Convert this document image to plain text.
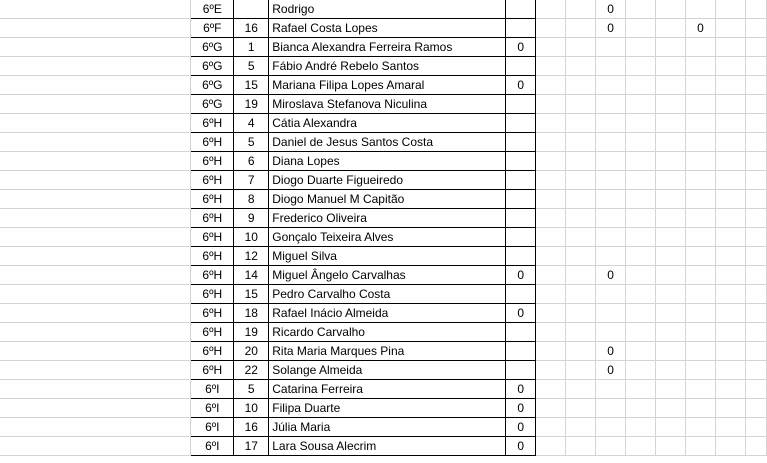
	6ºE		Rodrigo				0					
	6ºF	16	Rafael Costa Lopes				0			0		
	6ºG	1	Bianca Alexandra Ferreira Ramos	0								
	6ºG	5	Fábio André Rebelo Santos									
	6ºG	15	Mariana Filipa Lopes Amaral	0								
	6ºG	19	Miroslava Stefanova Niculina									
	6ºH	4	Cátia Alexandra									
	6ºH	5	Daniel de Jesus Santos Costa									
	6ºH	6	Diana Lopes									
	6ºH	7	Diogo Duarte Figueiredo									
	6ºH	8	Diogo Manuel M Capitão									
	6ºH	9	Frederico Oliveira									
	6ºH	10	Gonçalo Teixeira Alves									
	6ºH	12	Miguel Silva									
	6ºH	14	Miguel Ângelo Carvalhas	0			0					
	6ºH	15	Pedro Carvalho Costa									
	6ºH	18	Rafael Inácio Almeida	0								
	6ºH	19	Ricardo Carvalho									
	6ºH	20	Rita Maria Marques Pina				0					
	6ºH	22	Solange Almeida				0					
	6ºI	5	Catarina Ferreira	0								
	6ºI	10	Filipa Duarte	0								
	6ºI	16	Júlia Maria	0								
	6ºI	17	Lara Sousa Alecrim	0								
